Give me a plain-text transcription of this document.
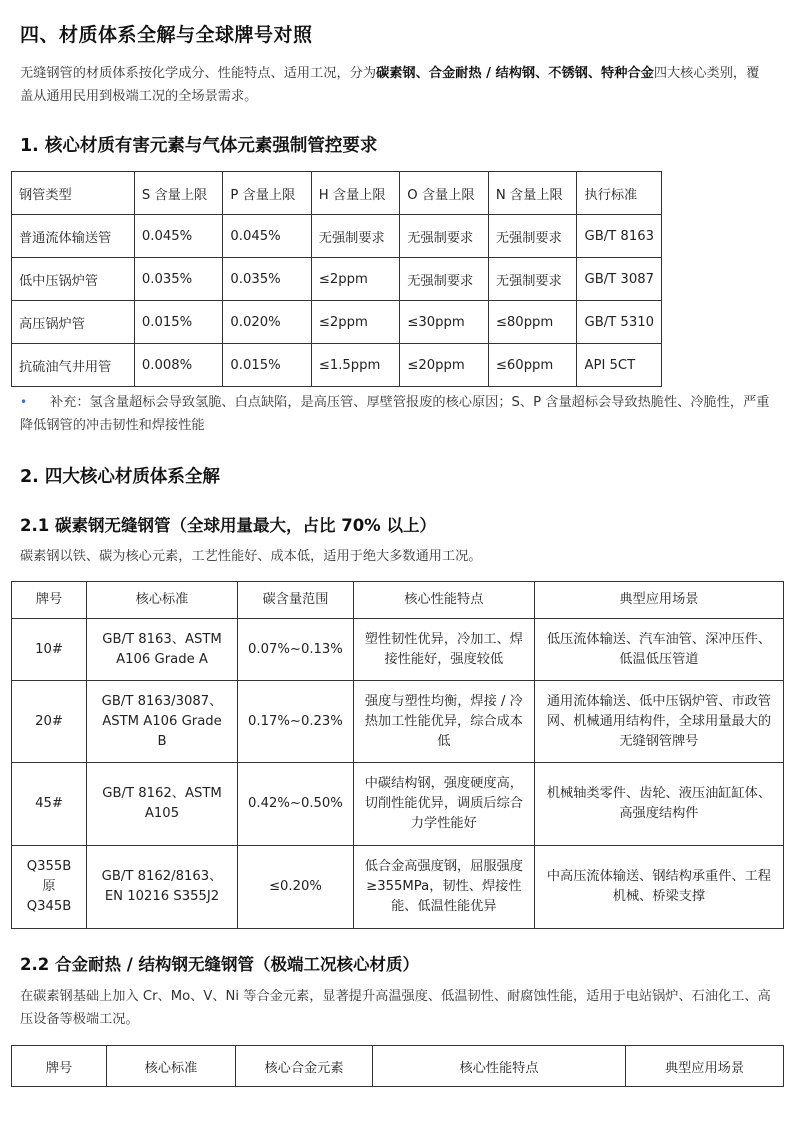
四、材质体系全解与全球牌号对照

无缝钢管的材质体系按化学成分、性能特点、适用工况，分为碳素钢、合金耐热 / 结构钢、不锈钢、特种合金四大核心类别，覆盖从通用民用到极端工况的全场景需求。

1. 核心材质有害元素与气体元素强制管控要求
钢管类型	S 含量上限	P 含量上限	H 含量上限	O 含量上限	N 含量上限	执行标准
普通流体输送管	0.045%	0.045%	无强制要求	无强制要求	无强制要求	GB/T 8163
低中压锅炉管	0.035%	0.035%	≤2ppm	无强制要求	无强制要求	GB/T 3087
高压锅炉管	0.015%	0.020%	≤2ppm	≤30ppm	≤80ppm	GB/T 5310
抗硫油气井用管	0.008%	0.015%	≤1.5ppm	≤20ppm	≤60ppm	API 5CT

• 补充：氢含量超标会导致氢脆、白点缺陷，是高压管、厚壁管报废的核心原因；S、P 含量超标会导致热脆性、冷脆性，严重降低钢管的冲击韧性和焊接性能

2. 四大核心材质体系全解
2.1 碳素钢无缝钢管（全球用量最大，占比 70% 以上）

碳素钢以铁、碳为核心元素，工艺性能好、成本低，适用于绝大多数通用工况。

牌号	核心标准	碳含量范围	核心性能特点	典型应用场景
10#	GB/T 8163、ASTM A106 Grade A	0.07%~0.13%	塑性韧性优异，冷加工、焊接性能好，强度较低	低压流体输送、汽车油管、深冲压件、低温低压管道
20#	GB/T 8163/3087、ASTM A106 Grade B	0.17%~0.23%	强度与塑性均衡，焊接 / 冷热加工性能优异，综合成本低	通用流体输送、低中压锅炉管、市政管网、机械通用结构件，全球用量最大的无缝钢管牌号
45#	GB/T 8162、ASTM A105	0.42%~0.50%	中碳结构钢，强度硬度高，切削性能优异，调质后综合力学性能好	机械轴类零件、齿轮、液压油缸缸体、高强度结构件
Q355B 原 Q345B	GB/T 8162/8163、EN 10216 S355J2	≤0.20%	低合金高强度钢，屈服强度≥355MPa，韧性、焊接性能、低温性能优异	中高压流体输送、钢结构承重件、工程机械、桥梁支撑
2.2 合金耐热 / 结构钢无缝钢管（极端工况核心材质）

在碳素钢基础上加入 Cr、Mo、V、Ni 等合金元素，显著提升高温强度、低温韧性、耐腐蚀性能，适用于电站锅炉、石油化工、高压设备等极端工况。

牌号	核心标准	核心合金元素	核心性能特点	典型应用场景
